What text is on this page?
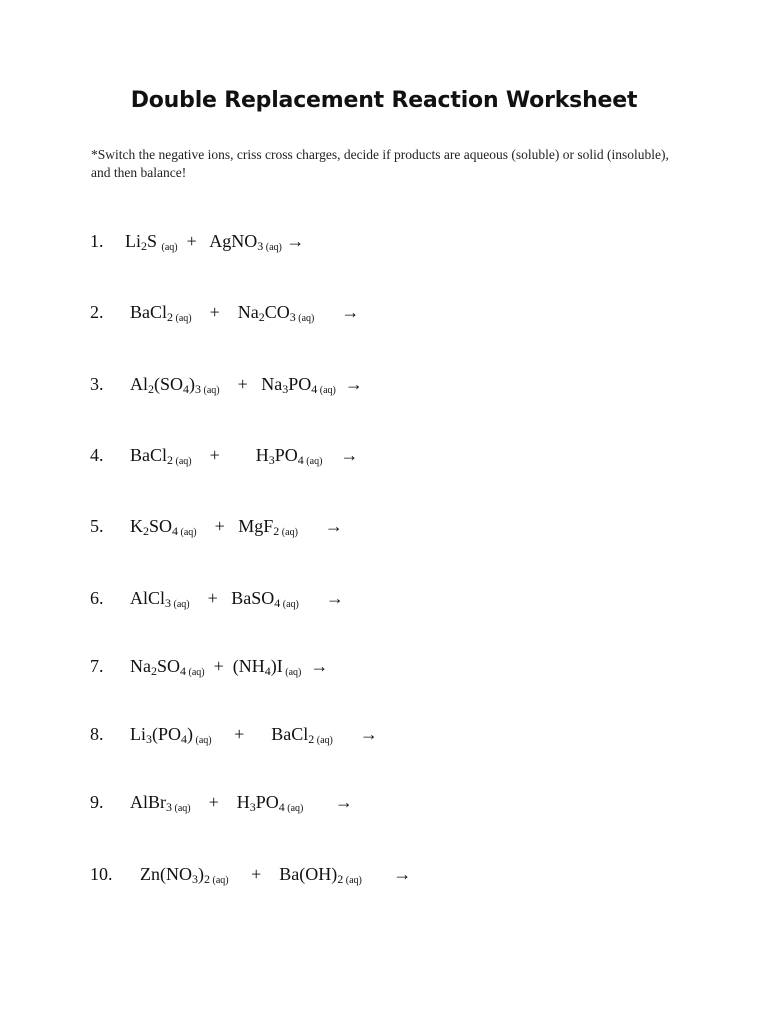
Double Replacement Reaction Worksheet
*Switch the negative ions, criss cross charges, decide if products are aqueous (soluble) or solid (insoluble), and then balance!

1.

$Li_2S$ (aq)  +   AgNO$_3$ (aq) →

2.

BaCl$_2$ (aq)    +    $Na_2CO_3$ (aq)      →

3.

$Al_2(SO_4)_3$ (aq)    +   $Na_3PO_4$ (aq)  →

4.

BaCl$_2$ (aq)    +        $H_3PO_4$ (aq)    →

5.

$K_2SO_4$ (aq)    +   MgF$_2$ (aq)      →

6.

AlCl$_3$ (aq)    +   BaSO$_4$ (aq)      →

7.

$Na_2SO_4$ $(aq) + (NH_4)I$ (aq)  →

8.

$Li_3(PO_4)$ (aq)     +      BaCl$_2$ (aq)      →

9.

AlBr$_3$ (aq)    +    $H_3PO_4$ (aq)       →

10.

$Zn(NO_3)_2$ (aq)     +    $Ba(OH)_2$ (aq)       →
